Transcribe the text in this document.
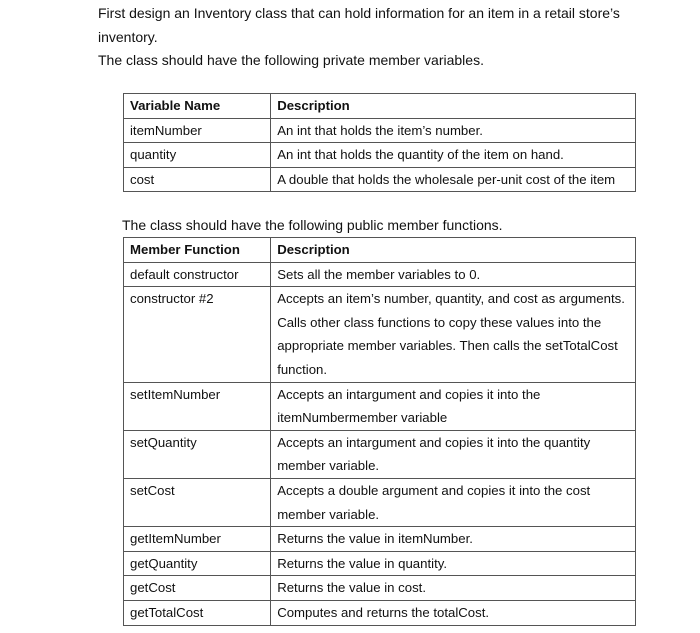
First design an Inventory class that can hold information for an item in a retail store’s inventory.

The class should have the following private member variables.

Variable Name	Description
itemNumber	An int that holds the item’s number.
quantity	An int that holds the quantity of the item on hand.
cost	A double that holds the wholesale per-unit cost of the item
The class should have the following public member functions.
Member Function	Description
default constructor	Sets all the member variables to 0.
constructor #2	Accepts an item’s number, quantity, and cost as arguments. Calls other class functions to copy these values into the appropriate member variables. Then calls the setTotalCost function.
setItemNumber	Accepts an intargument and copies it into the itemNumbermember variable
setQuantity	Accepts an intargument and copies it into the quantity member variable.
setCost	Accepts a double argument and copies it into the cost member variable.
getItemNumber	Returns the value in itemNumber.
getQuantity	Returns the value in quantity.
getCost	Returns the value in cost.
getTotalCost	Computes and returns the totalCost.
